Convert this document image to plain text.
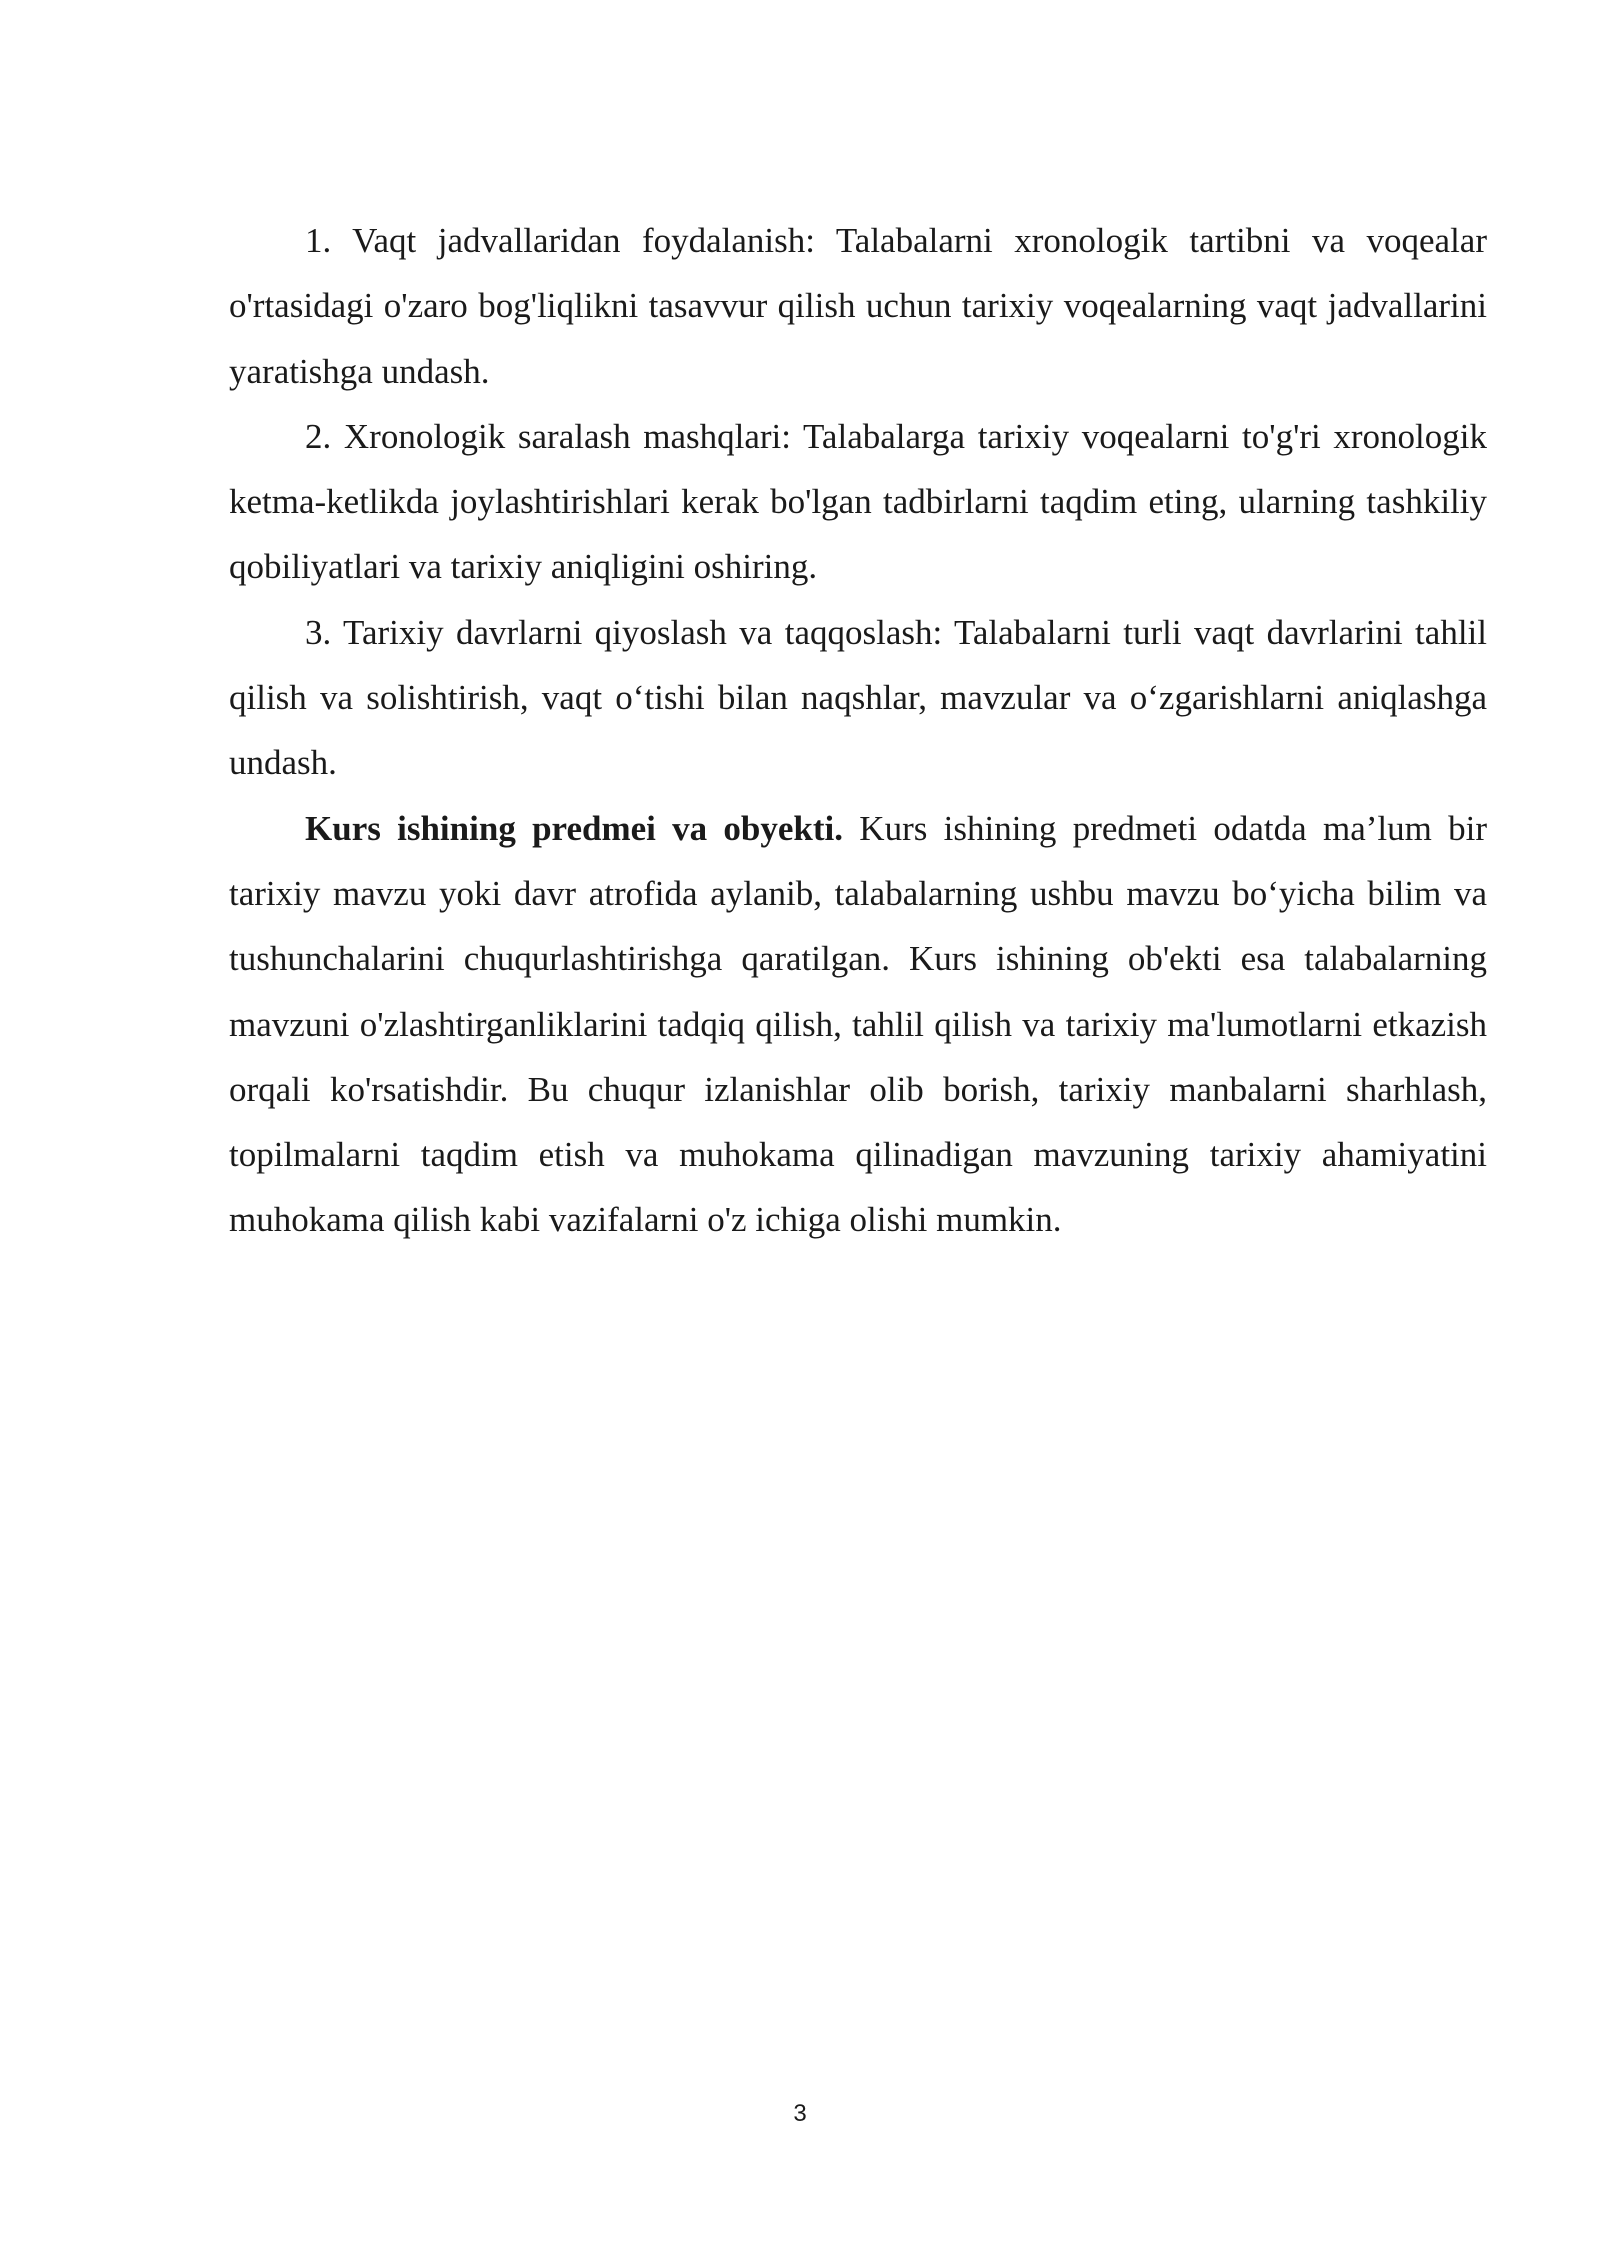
1. Vaqt jadvallaridan foydalanish: Talabalarni xronologik tartibni va voqealar o'rtasidagi o'zaro bog'liqlikni tasavvur qilish uchun tarixiy voqealarning vaqt jadvallarini yaratishga undash.

2. Xronologik saralash mashqlari: Talabalarga tarixiy voqealarni to'g'ri xronologik ketma-ketlikda joylashtirishlari kerak bo'lgan tadbirlarni taqdim eting, ularning tashkiliy qobiliyatlari va tarixiy aniqligini oshiring.

3. Tarixiy davrlarni qiyoslash va taqqoslash: Talabalarni turli vaqt davrlarini tahlil qilish va solishtirish, vaqt o‘tishi bilan naqshlar, mavzular va o‘zgarishlarni aniqlashga undash.

Kurs ishining predmei va obyekti. Kurs ishining predmeti odatda ma’lum bir tarixiy mavzu yoki davr atrofida aylanib, talabalarning ushbu mavzu bo‘yicha bilim va tushunchalarini chuqurlashtirishga qaratilgan. Kurs ishining ob'ekti esa talabalarning mavzuni o'zlashtirganliklarini tadqiq qilish, tahlil qilish va tarixiy ma'lumotlarni etkazish orqali ko'rsatishdir. Bu chuqur izlanishlar olib borish, tarixiy manbalarni sharhlash, topilmalarni taqdim etish va muhokama qilinadigan mavzuning tarixiy ahamiyatini muhokama qilish kabi vazifalarni o'z ichiga olishi mumkin.

3
